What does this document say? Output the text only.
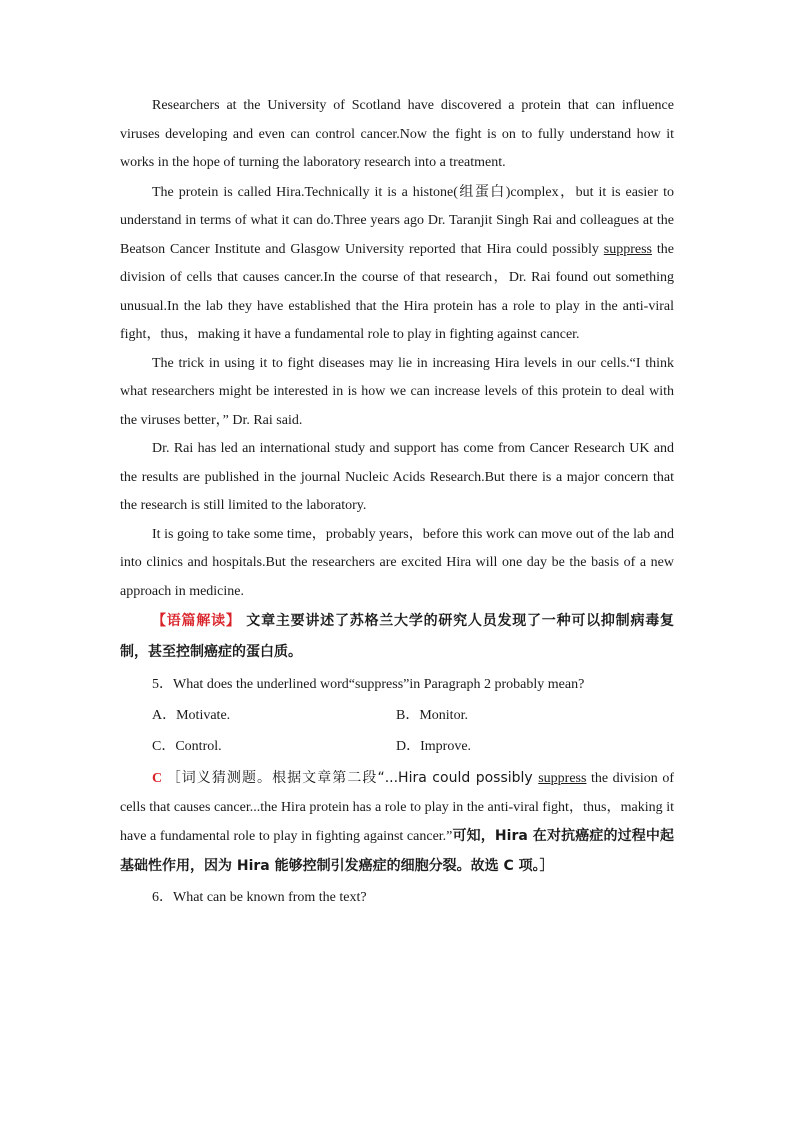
Researchers at the University of Scotland have discovered a protein that can influence viruses developing and even can control cancer.Now the fight is on to fully understand how it works in the hope of turning the laboratory research into a treatment.

The protein is called Hira.Technically it is a histone(组蛋白)complex，but it is easier to understand in terms of what it can do.Three years ago Dr. Taranjit Singh Rai and colleagues at the Beatson Cancer Institute and Glasgow University reported that Hira could possibly suppress the division of cells that causes cancer.In the course of that research，Dr. Rai found out something unusual.In the lab they have established that the Hira protein has a role to play in the anti-viral fight，thus，making it have a fundamental role to play in fighting against cancer.

The trick in using it to fight diseases may lie in increasing Hira levels in our cells.“I think what researchers might be interested in is how we can increase levels of this protein to deal with the viruses better，” Dr. Rai said.

Dr. Rai has led an international study and support has come from Cancer Research UK and the results are published in the journal Nucleic Acids Research.But there is a major concern that the research is still limited to the laboratory.

It is going to take some time，probably years，before this work can move out of the lab and into clinics and hospitals.But the researchers are excited Hira will one day be the basis of a new approach in medicine.

【语篇解读】 文章主要讲述了苏格兰大学的研究人员发现了一种可以抑制病毒复制，甚至控制癌症的蛋白质。

5．What does the underlined word“suppress”in Paragraph 2 probably mean?

A．Motivate.	B．Monitor.
C．Control.	D．Improve.

C ［词义猜测题。根据文章第二段“...Hira could possibly suppress the division of cells that causes cancer...the Hira protein has a role to play in the anti-viral fight，thus，making it have a fundamental role to play in fighting against cancer.”可知，Hira 在对抗癌症的过程中起基础性作用，因为 Hira 能够控制引发癌症的细胞分裂。故选 C 项。］

6．What can be known from the text?
